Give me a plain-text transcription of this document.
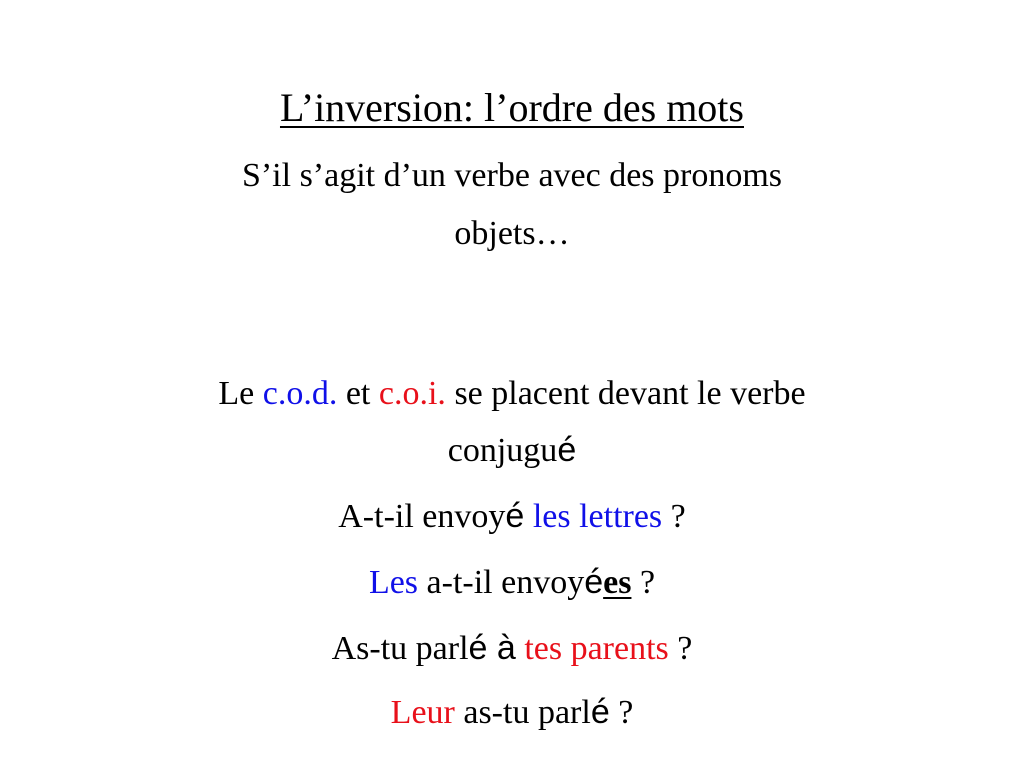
L’inversion: l’ordre des mots
S’il s’agit d’un verbe avec des pronoms
objets…
Le c.o.d. et c.o.i. se placent devant le verbe
conjugué
A-t-il envoyé les lettres ?
Les a-t-il envoyées ?
As-tu parlé à tes parents ?
Leur as-tu parlé ?
